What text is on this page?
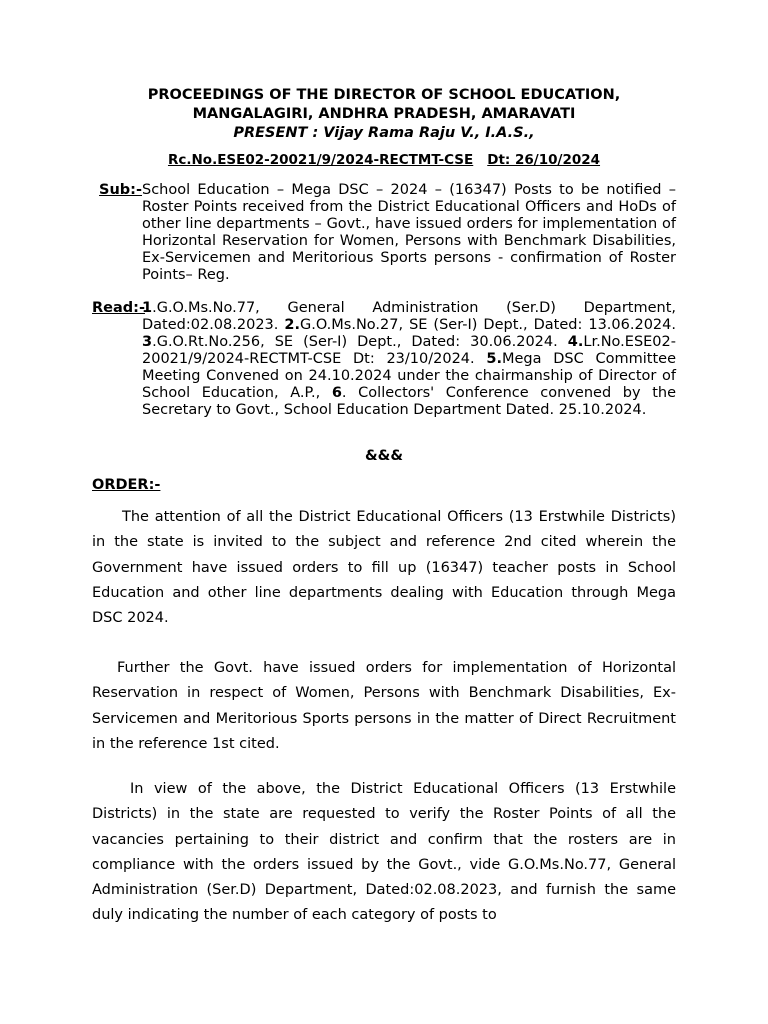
PROCEEDINGS OF THE DIRECTOR OF SCHOOL EDUCATION,
MANGALAGIRI, ANDHRA PRADESH, AMARAVATI
PRESENT : Vijay Rama Raju V., I.A.S.,
Rc.No.ESE02-20021/9/2024-RECTMT-CSE Dt: 26/10/2024
Sub:- School Education – Mega DSC – 2024 – (16347) Posts to be notified – Roster Points received from the District Educational Officers and HoDs of other line departments – Govt., have issued orders for implementation of Horizontal Reservation for Women, Persons with Benchmark Disabilities, Ex-Servicemen and Meritorious Sports persons - confirmation of Roster Points– Reg.
Read:-
1.G.O.Ms.No.77, General Administration (Ser.D) Department, Dated:02.08.2023. 2.G.O.Ms.No.27, SE (Ser-I) Dept., Dated: 13.06.2024. 3.G.O.Rt.No.256, SE (Ser-I) Dept., Dated: 30.06.2024. 4.Lr.No.ESE02-20021/9/2024-RECTMT-CSE Dt: 23/10/2024. 5.Mega DSC Committee Meeting Convened on 24.10.2024 under the chairmanship of Director of School Education, A.P., 6. Collectors' Conference convened by the Secretary to Govt., School Education Department Dated. 25.10.2024.
&&&
ORDER:-

The attention of all the District Educational Officers (13 Erstwhile Districts) in the state is invited to the subject and reference 2nd cited wherein the Government have issued orders to fill up (16347) teacher posts in School Education and other line departments dealing with Education through Mega DSC 2024.

Further the Govt. have issued orders for implementation of Horizontal Reservation in respect of Women, Persons with Benchmark Disabilities, Ex-Servicemen and Meritorious Sports persons in the matter of Direct Recruitment in the reference 1st cited.

In view of the above, the District Educational Officers (13 Erstwhile Districts) in the state are requested to verify the Roster Points of all the vacancies pertaining to their district and confirm that the rosters are in compliance with the orders issued by the Govt., vide G.O.Ms.No.77, General Administration (Ser.D) Department, Dated:02.08.2023, and furnish the same duly indicating the number of each category of posts to
